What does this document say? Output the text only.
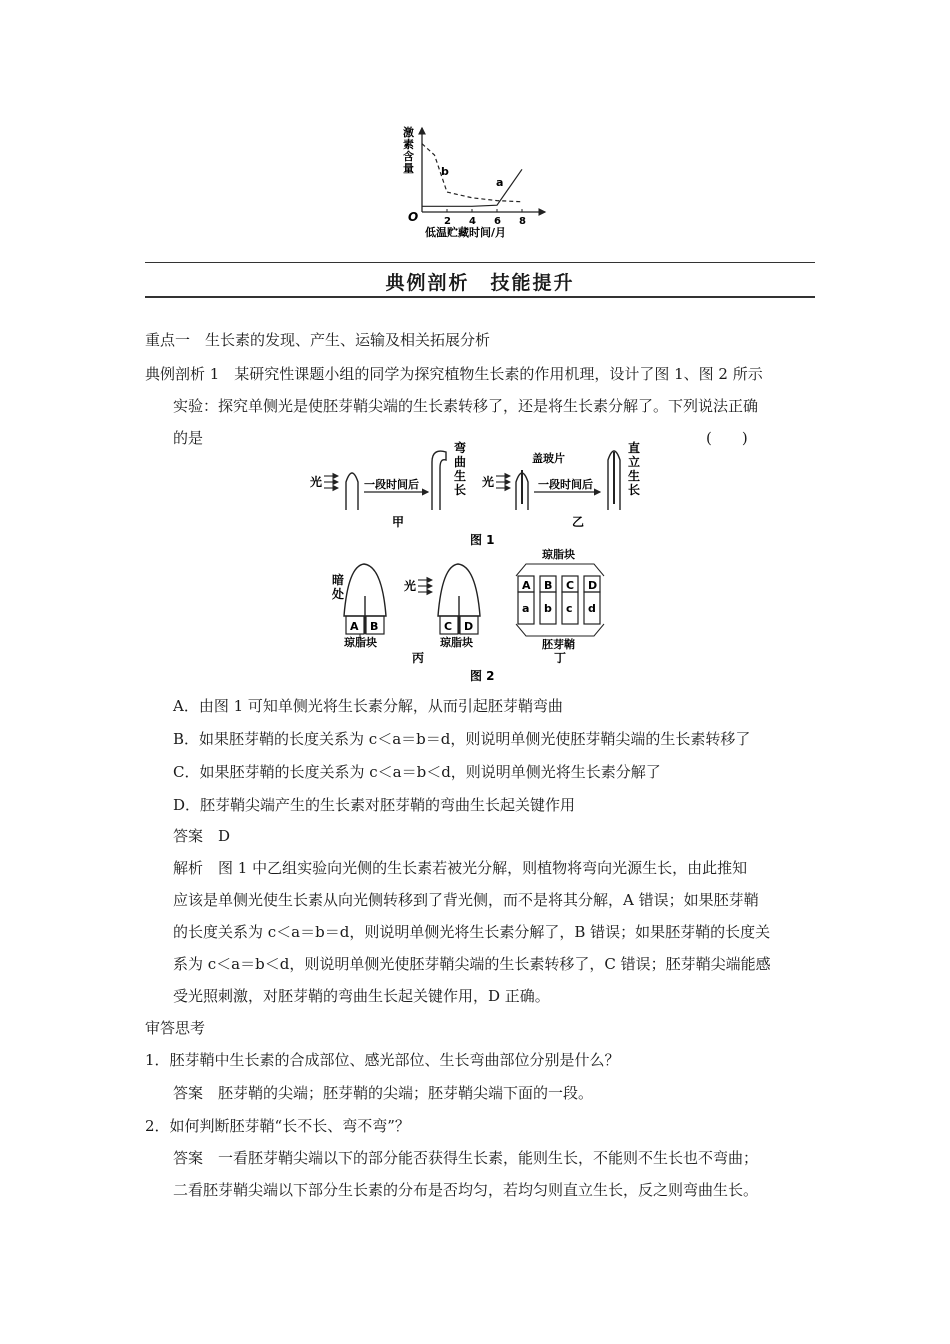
激素含量
O	2 4 6 8
b
a
低温贮藏时间/月
典例剖析　技能提升
重点一　生长素的发现、产生、运输及相关拓展分析
典例剖析 1　某研究性课题小组的同学为探究植物生长素的作用机理，设计了图 1、图 2 所示
实验：探究单侧光是使胚芽鞘尖端的生长素转移了，还是将生长素分解了。下列说法正确
的是	(　　)
光	一段时间后
弯曲生长
甲
光
盖玻片
一段时间后
直立生长
乙
图 1
暗处
A B
琼脂块
光
C D
琼脂块
丙
琼脂块
A
a
B
b
C
c
D
d
胚芽鞘
丁
图 2
A．由图 1 可知单侧光将生长素分解，从而引起胚芽鞘弯曲
B．如果胚芽鞘的长度关系为 c＜a＝b＝d，则说明单侧光使胚芽鞘尖端的生长素转移了
C．如果胚芽鞘的长度关系为 c＜a＝b＜d，则说明单侧光将生长素分解了
D．胚芽鞘尖端产生的生长素对胚芽鞘的弯曲生长起关键作用
答案　D
解析　图 1 中乙组实验向光侧的生长素若被光分解，则植物将弯向光源生长，由此推知
应该是单侧光使生长素从向光侧转移到了背光侧，而不是将其分解，A 错误；如果胚芽鞘
的长度关系为 c＜a＝b＝d，则说明单侧光将生长素分解了，B 错误；如果胚芽鞘的长度关
系为 c＜a＝b＜d，则说明单侧光使胚芽鞘尖端的生长素转移了，C 错误；胚芽鞘尖端能感
受光照刺激，对胚芽鞘的弯曲生长起关键作用，D 正确。
审答思考
1．胚芽鞘中生长素的合成部位、感光部位、生长弯曲部位分别是什么？
答案　胚芽鞘的尖端；胚芽鞘的尖端；胚芽鞘尖端下面的一段。
2．如何判断胚芽鞘“长不长、弯不弯”？
答案　一看胚芽鞘尖端以下的部分能否获得生长素，能则生长，不能则不生长也不弯曲；
二看胚芽鞘尖端以下部分生长素的分布是否均匀，若均匀则直立生长，反之则弯曲生长。
